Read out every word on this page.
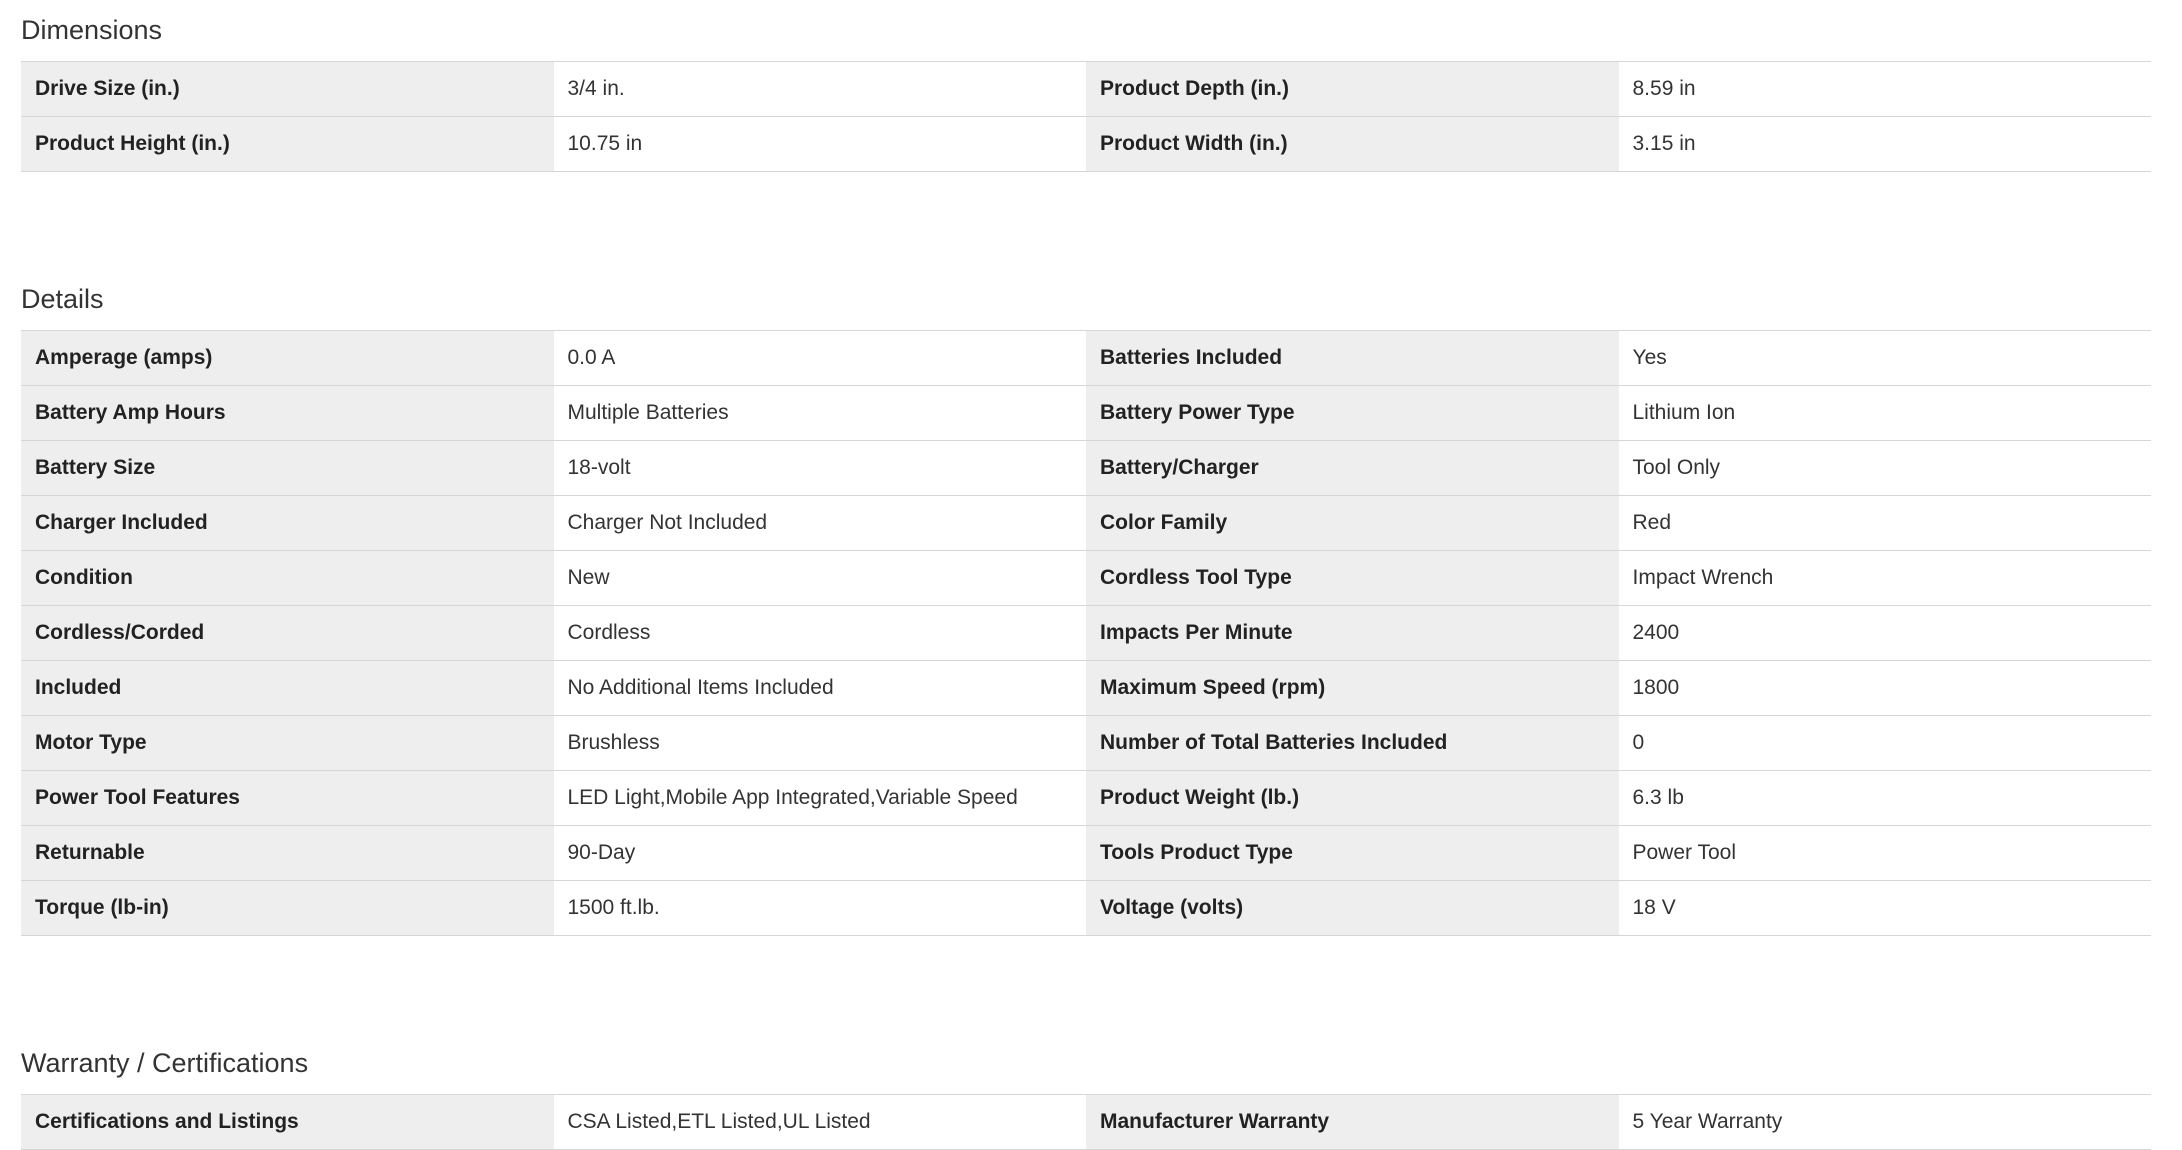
Dimensions
Drive Size (in.)	3/4 in.	Product Depth (in.)	8.59 in
Product Height (in.)	10.75 in	Product Width (in.)	3.15 in
Details
Amperage (amps)	0.0 A	Batteries Included	Yes
Battery Amp Hours	Multiple Batteries	Battery Power Type	Lithium Ion
Battery Size	18-volt	Battery/Charger	Tool Only
Charger Included	Charger Not Included	Color Family	Red
Condition	New	Cordless Tool Type	Impact Wrench
Cordless/Corded	Cordless	Impacts Per Minute	2400
Included	No Additional Items Included	Maximum Speed (rpm)	1800
Motor Type	Brushless	Number of Total Batteries Included	0
Power Tool Features	LED Light,Mobile App Integrated,Variable Speed	Product Weight (lb.)	6.3 lb
Returnable	90-Day	Tools Product Type	Power Tool
Torque (lb-in)	1500 ft.lb.	Voltage (volts)	18 V
Warranty / Certifications
Certifications and Listings	CSA Listed,ETL Listed,UL Listed	Manufacturer Warranty	5 Year Warranty
